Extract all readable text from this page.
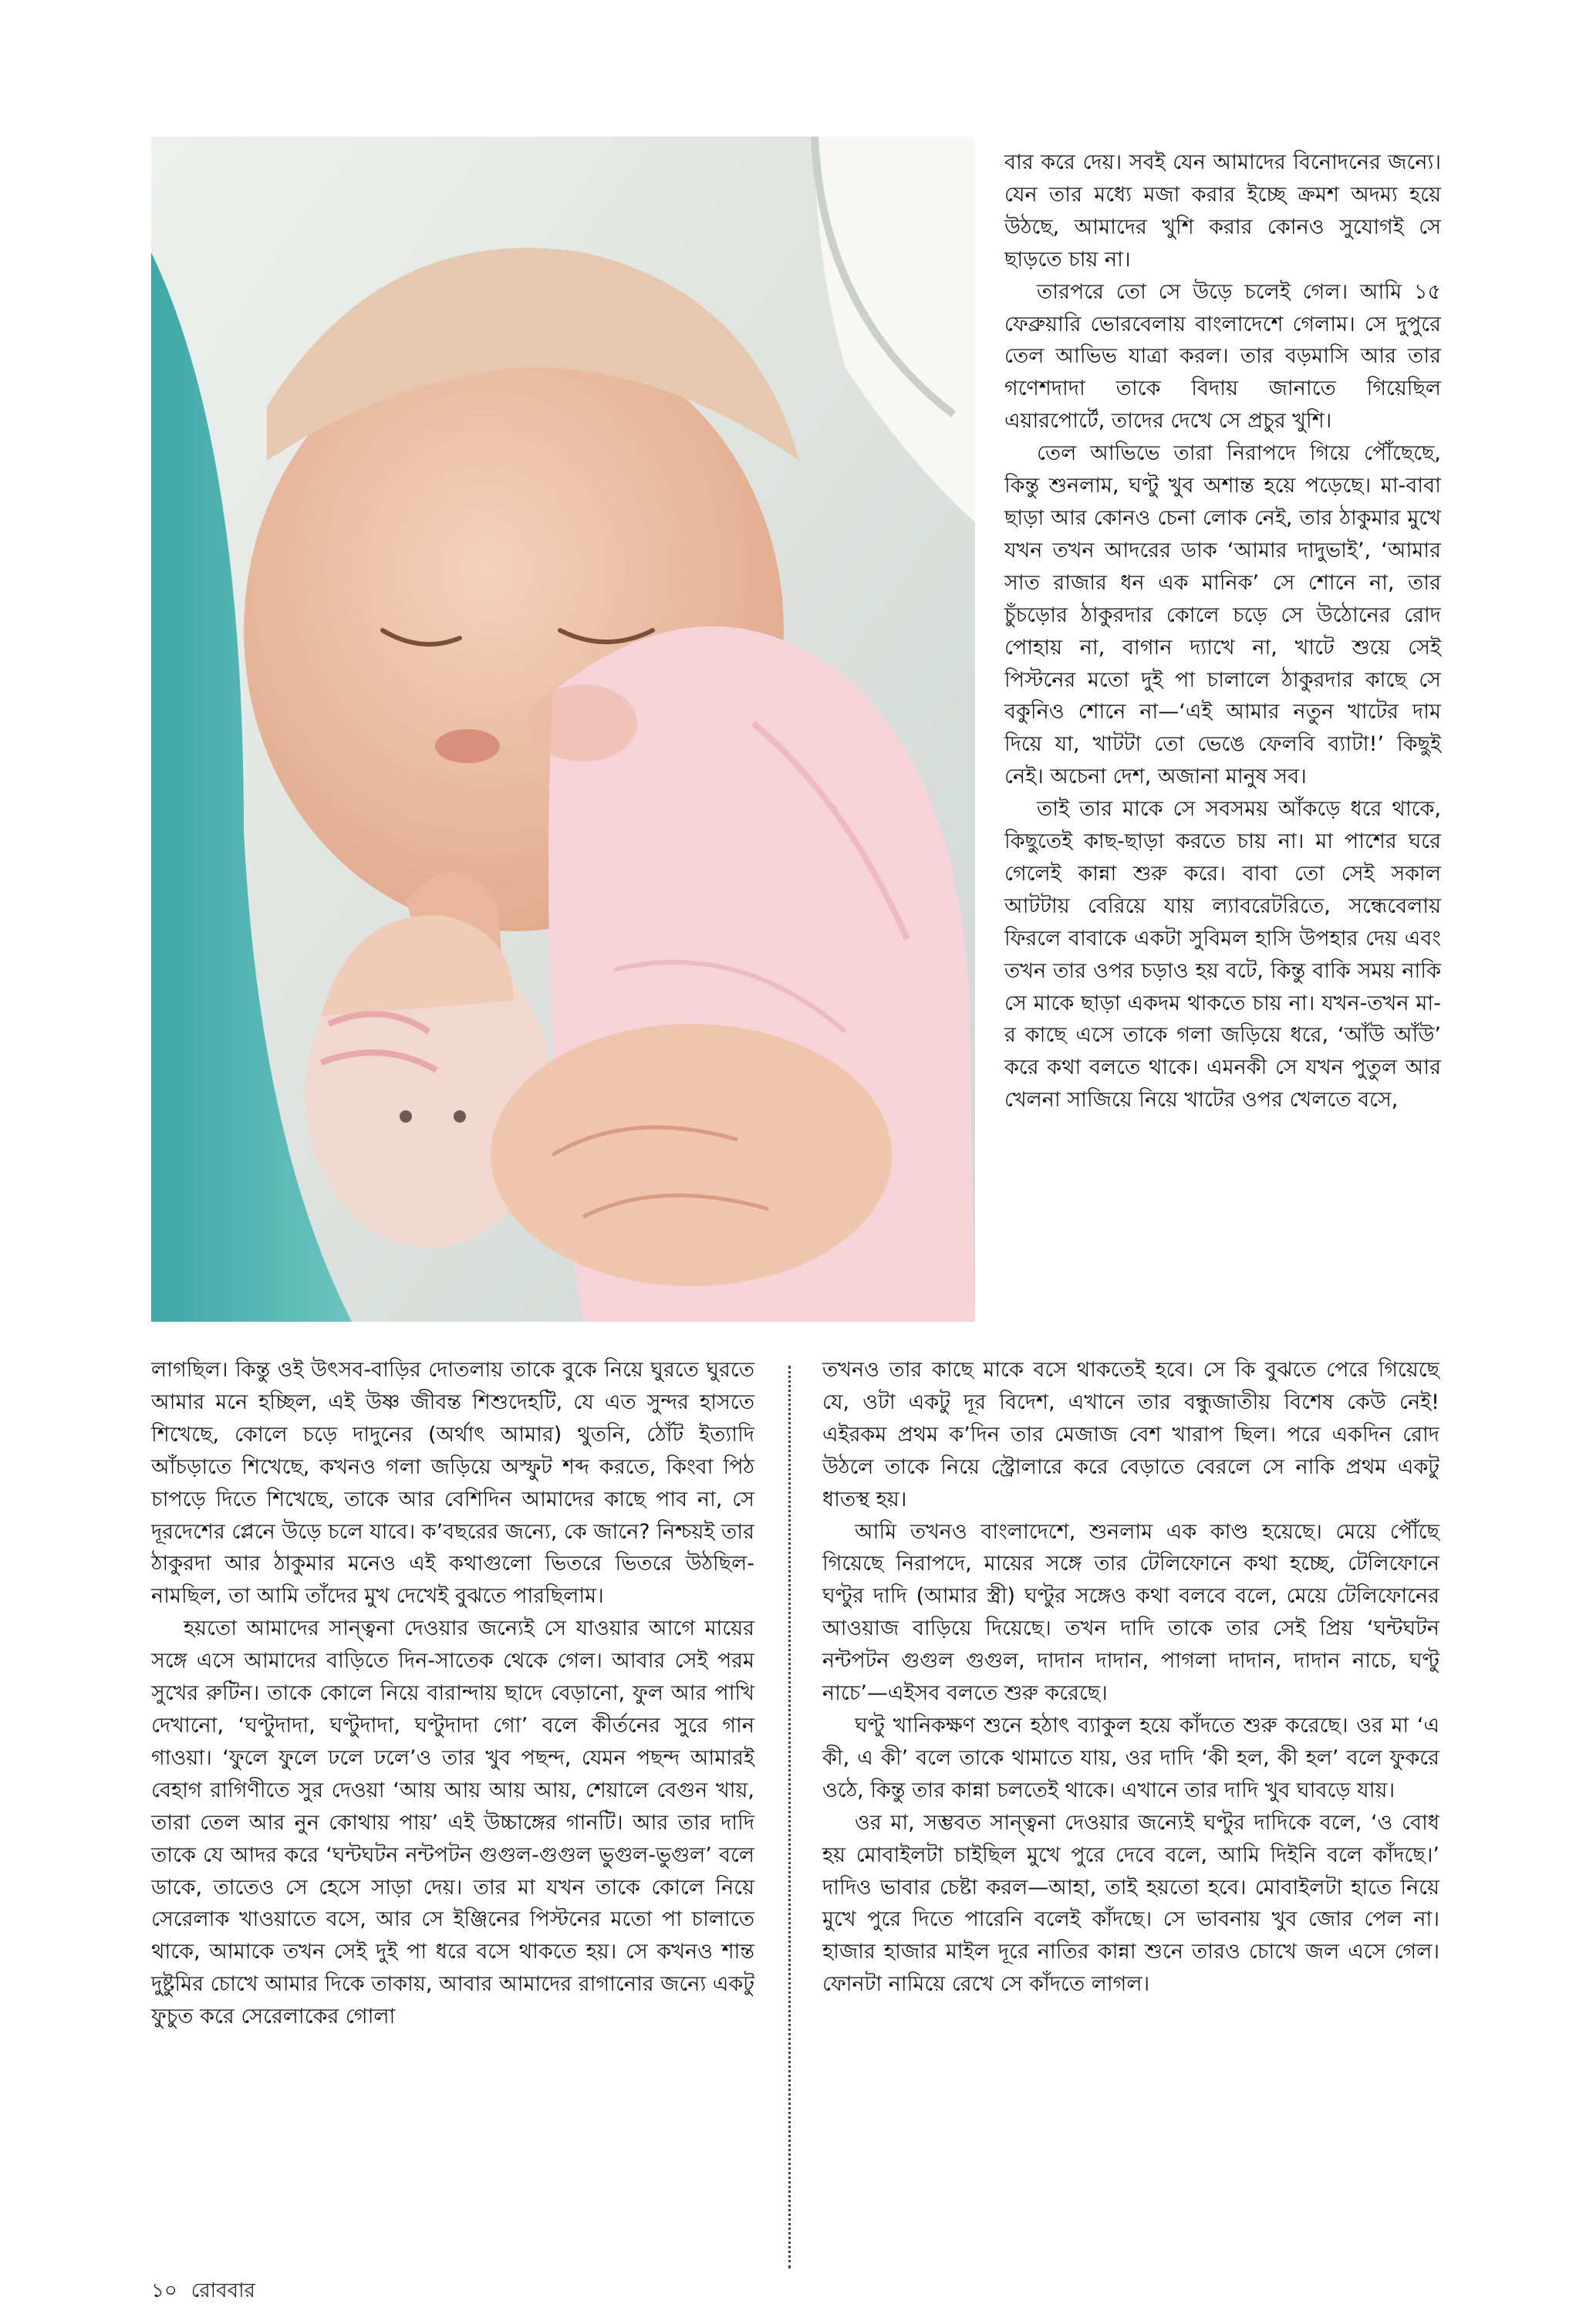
বার করে দেয়। সবই যেন আমাদের বিনোদনের জন্যে। যেন তার মধ্যে মজা করার ইচ্ছে ক্রমশ অদম্য হয়ে উঠছে, আমাদের খুশি করার কোনও সুযোগই সে ছাড়তে চায় না।

তারপরে তো সে উড়ে চলেই গেল। আমি ১৫ ফেব্রুয়ারি ভোরবেলায় বাংলাদেশে গেলাম। সে দুপুরে তেল আভিভ যাত্রা করল। তার বড়মাসি আর তার গণেশদাদা তাকে বিদায় জানাতে গিয়েছিল এয়ারপোর্টে, তাদের দেখে সে প্রচুর খুশি।

তেল আভিভে তারা নিরাপদে গিয়ে পৌঁছেছে, কিন্তু শুনলাম, ঘণ্টু খুব অশান্ত হয়ে পড়েছে। মা-বাবা ছাড়া আর কোনও চেনা লোক নেই, তার ঠাকুমার মুখে যখন তখন আদরের ডাক ‘আমার দাদুভাই’, ‘আমার সাত রাজার ধন এক মানিক’ সে শোনে না, তার চুঁচড়োর ঠাকুরদার কোলে চড়ে সে উঠোনের রোদ পোহায় না, বাগান দ্যাখে না, খাটে শুয়ে সেই পিস্টনের মতো দুই পা চালালে ঠাকুরদার কাছে সে বকুনিও শোনে না—‘এই আমার নতুন খাটের দাম দিয়ে যা, খাটটা তো ভেঙে ফেলবি ব্যাটা!’ কিছুই নেই। অচেনা দেশ, অজানা মানুষ সব।

তাই তার মাকে সে সবসময় আঁকড়ে ধরে থাকে, কিছুতেই কাছ-ছাড়া করতে চায় না। মা পাশের ঘরে গেলেই কান্না শুরু করে। বাবা তো সেই সকাল আটটায় বেরিয়ে যায় ল্যাবরেটরিতে, সন্ধেবেলায় ফিরলে বাবাকে একটা সুবিমল হাসি উপহার দেয় এবং তখন তার ওপর চড়াও হয় বটে, কিন্তু বাকি সময় নাকি সে মাকে ছাড়া একদম থাকতে চায় না। যখন-তখন মা-র কাছে এসে তাকে গলা জড়িয়ে ধরে, ‘আঁউ আঁউ’ করে কথা বলতে থাকে। এমনকী সে যখন পুতুল আর খেলনা সাজিয়ে নিয়ে খাটের ওপর খেলতে বসে,

লাগছিল। কিন্তু ওই উৎসব-বাড়ির দোতলায় তাকে বুকে নিয়ে ঘুরতে ঘুরতে আমার মনে হচ্ছিল, এই উষ্ণ জীবন্ত শিশুদেহটি, যে এত সুন্দর হাসতে শিখেছে, কোলে চড়ে দাদুনের (অর্থাৎ আমার) থুতনি, ঠোঁট ইত্যাদি আঁচড়াতে শিখেছে, কখনও গলা জড়িয়ে অস্ফুট শব্দ করতে, কিংবা পিঠ চাপড়ে দিতে শিখেছে, তাকে আর বেশিদিন আমাদের কাছে পাব না, সে দূরদেশের প্লেনে উড়ে চলে যাবে। ক’বছরের জন্যে, কে জানে? নিশ্চয়ই তার ঠাকুরদা আর ঠাকুমার মনেও এই কথাগুলো ভিতরে ভিতরে উঠছিল-নামছিল, তা আমি তাঁদের মুখ দেখেই বুঝতে পারছিলাম।

হয়তো আমাদের সান্ত্বনা দেওয়ার জন্যেই সে যাওয়ার আগে মায়ের সঙ্গে এসে আমাদের বাড়িতে দিন-সাতেক থেকে গেল। আবার সেই পরম সুখের রুটিন। তাকে কোলে নিয়ে বারান্দায় ছাদে বেড়ানো, ফুল আর পাখি দেখানো, ‘ঘণ্টুদাদা, ঘণ্টুদাদা, ঘণ্টুদাদা গো’ বলে কীর্তনের সুরে গান গাওয়া। ‘ফুলে ফুলে ঢলে ঢলে’ও তার খুব পছন্দ, যেমন পছন্দ আমারই বেহাগ রাগিণীতে সুর দেওয়া ‘আয় আয় আয় আয়, শেয়ালে বেগুন খায়, তারা তেল আর নুন কোথায় পায়’ এই উচ্চাঙ্গের গানটি। আর তার দাদি তাকে যে আদর করে ‘ঘন্টঘটন নন্টপটন গুগুল-গুগুল ভুগুল-ভুগুল’ বলে ডাকে, তাতেও সে হেসে সাড়া দেয়। তার মা যখন তাকে কোলে নিয়ে সেরেলাক খাওয়াতে বসে, আর সে ইঞ্জিনের পিস্টনের মতো পা চালাতে থাকে, আমাকে তখন সেই দুই পা ধরে বসে থাকতে হয়। সে কখনও শান্ত দুষ্টুমির চোখে আমার দিকে তাকায়, আবার আমাদের রাগানোর জন্যে একটু ফুচুত করে সেরেলাকের গোলা

তখনও তার কাছে মাকে বসে থাকতেই হবে। সে কি বুঝতে পেরে গিয়েছে যে, ওটা একটু দূর বিদেশ, এখানে তার বন্ধুজাতীয় বিশেষ কেউ নেই! এইরকম প্রথম ক’দিন তার মেজাজ বেশ খারাপ ছিল। পরে একদিন রোদ উঠলে তাকে নিয়ে স্ট্রোলারে করে বেড়াতে বেরলে সে নাকি প্রথম একটু ধাতস্থ হয়।

আমি তখনও বাংলাদেশে, শুনলাম এক কাণ্ড হয়েছে। মেয়ে পৌঁছে গিয়েছে নিরাপদে, মায়ের সঙ্গে তার টেলিফোনে কথা হচ্ছে, টেলিফোনে ঘণ্টুর দাদি (আমার স্ত্রী) ঘণ্টুর সঙ্গেও কথা বলবে বলে, মেয়ে টেলিফোনের আওয়াজ বাড়িয়ে দিয়েছে। তখন দাদি তাকে তার সেই প্রিয় ‘ঘন্টঘটন নন্টপটন গুগুল গুগুল, দাদান দাদান, পাগলা দাদান, দাদান নাচে, ঘণ্টু নাচে’—এইসব বলতে শুরু করেছে।

ঘণ্টু খানিকক্ষণ শুনে হঠাৎ ব্যাকুল হয়ে কাঁদতে শুরু করেছে। ওর মা ‘এ কী, এ কী’ বলে তাকে থামাতে যায়, ওর দাদি ‘কী হল, কী হল’ বলে ফুকরে ওঠে, কিন্তু তার কান্না চলতেই থাকে। এখানে তার দাদি খুব ঘাবড়ে যায়।

ওর মা, সম্ভবত সান্ত্বনা দেওয়ার জন্যেই ঘণ্টুর দাদিকে বলে, ‘ও বোধ হয় মোবাইলটা চাইছিল মুখে পুরে দেবে বলে, আমি দিইনি বলে কাঁদছে।’ দাদিও ভাবার চেষ্টা করল—আহা, তাই হয়তো হবে। মোবাইলটা হাতে নিয়ে মুখে পুরে দিতে পারেনি বলেই কাঁদছে। সে ভাবনায় খুব জোর পেল না। হাজার হাজার মাইল দূরে নাতির কান্না শুনে তারও চোখে জল এসে গেল। ফোনটা নামিয়ে রেখে সে কাঁদতে লাগল।

১০ রোববার
